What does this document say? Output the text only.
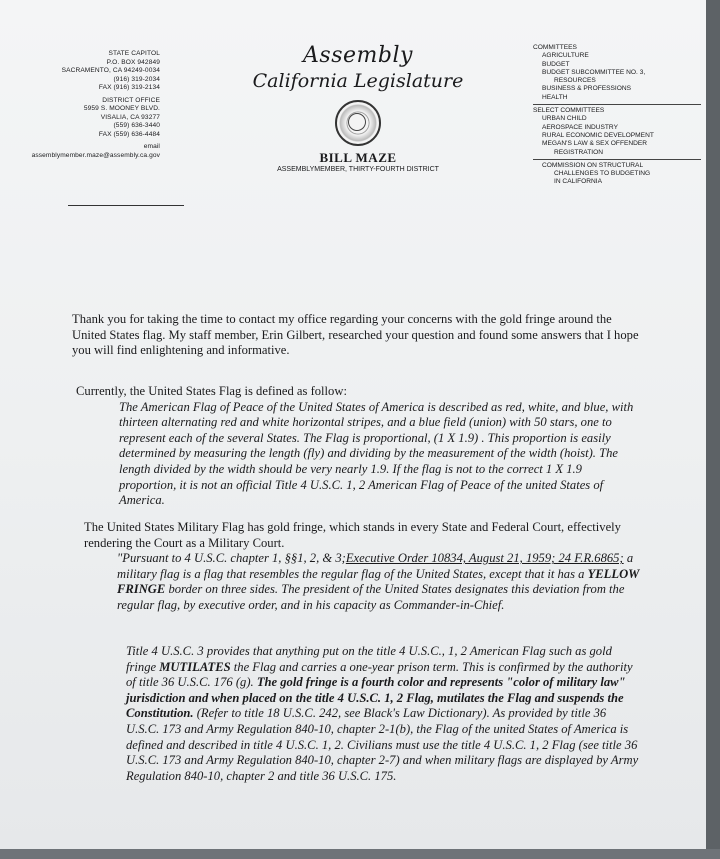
STATE CAPITOL
P.O. BOX 942849
SACRAMENTO, CA 94249-0034
(916) 319-2034
FAX (916) 319-2134
DISTRICT OFFICE
5959 S. MOONEY BLVD.
VISALIA, CA 93277
(559) 636-3440
FAX (559) 636-4484
email
assemblymember.maze@assembly.ca.gov
Assembly
California Legislature
BILL MAZE
ASSEMBLYMEMBER, THIRTY-FOURTH DISTRICT
COMMITTEES
AGRICULTURE
BUDGET
BUDGET SUBCOMMITTEE NO. 3,
RESOURCES
BUSINESS & PROFESSIONS
HEALTH
SELECT COMMITTEES
URBAN CHILD
AEROSPACE INDUSTRY
RURAL ECONOMIC DEVELOPMENT
MEGAN'S LAW & SEX OFFENDER
REGISTRATION
COMMISSION ON STRUCTURAL
CHALLENGES TO BUDGETING
IN CALIFORNIA

Thank you for taking the time to contact my office regarding your concerns with the gold fringe around the United States flag. My staff member, Erin Gilbert, researched your question and found some answers that I hope you will find enlightening and informative.

Currently, the United States Flag is defined as follow:
The American Flag of Peace of the United States of America is described as red, white, and blue, with thirteen alternating red and white horizontal stripes, and a blue field (union) with 50 stars, one to represent each of the several States. The Flag is proportional, (1 X 1.9) . This proportion is easily determined by measuring the length (fly) and dividing by the measurement of the width (hoist). The length divided by the width should be very nearly 1.9. If the flag is not to the correct 1 X 1.9 proportion, it is not an official Title 4 U.S.C. 1, 2 American Flag of Peace of the united States of America.
The United States Military Flag has gold fringe, which stands in every State and Federal Court, effectively rendering the Court as a Military Court.
"Pursuant to 4 U.S.C. chapter 1, §§1, 2, & 3;Executive Order 10834, August 21, 1959; 24 F.R.6865; a military flag is a flag that resembles the regular flag of the United States, except that it has a YELLOW FRINGE border on three sides. The president of the United States designates this deviation from the regular flag, by executive order, and in his capacity as Commander-in-Chief.
Title 4 U.S.C. 3 provides that anything put on the title 4 U.S.C., 1, 2 American Flag such as gold fringe MUTILATES the Flag and carries a one-year prison term. This is confirmed by the authority of title 36 U.S.C. 176 (g). The gold fringe is a fourth color and represents "color of military law" jurisdiction and when placed on the title 4 U.S.C. 1, 2 Flag, mutilates the Flag and suspends the Constitution. (Refer to title 18 U.S.C. 242, see Black's Law Dictionary). As provided by title 36 U.S.C. 173 and Army Regulation 840-10, chapter 2-1(b), the Flag of the united States of America is defined and described in title 4 U.S.C. 1, 2. Civilians must use the title 4 U.S.C. 1, 2 Flag (see title 36 U.S.C. 173 and Army Regulation 840-10, chapter 2-7) and when military flags are displayed by Army Regulation 840-10, chapter 2 and title 36 U.S.C. 175.
